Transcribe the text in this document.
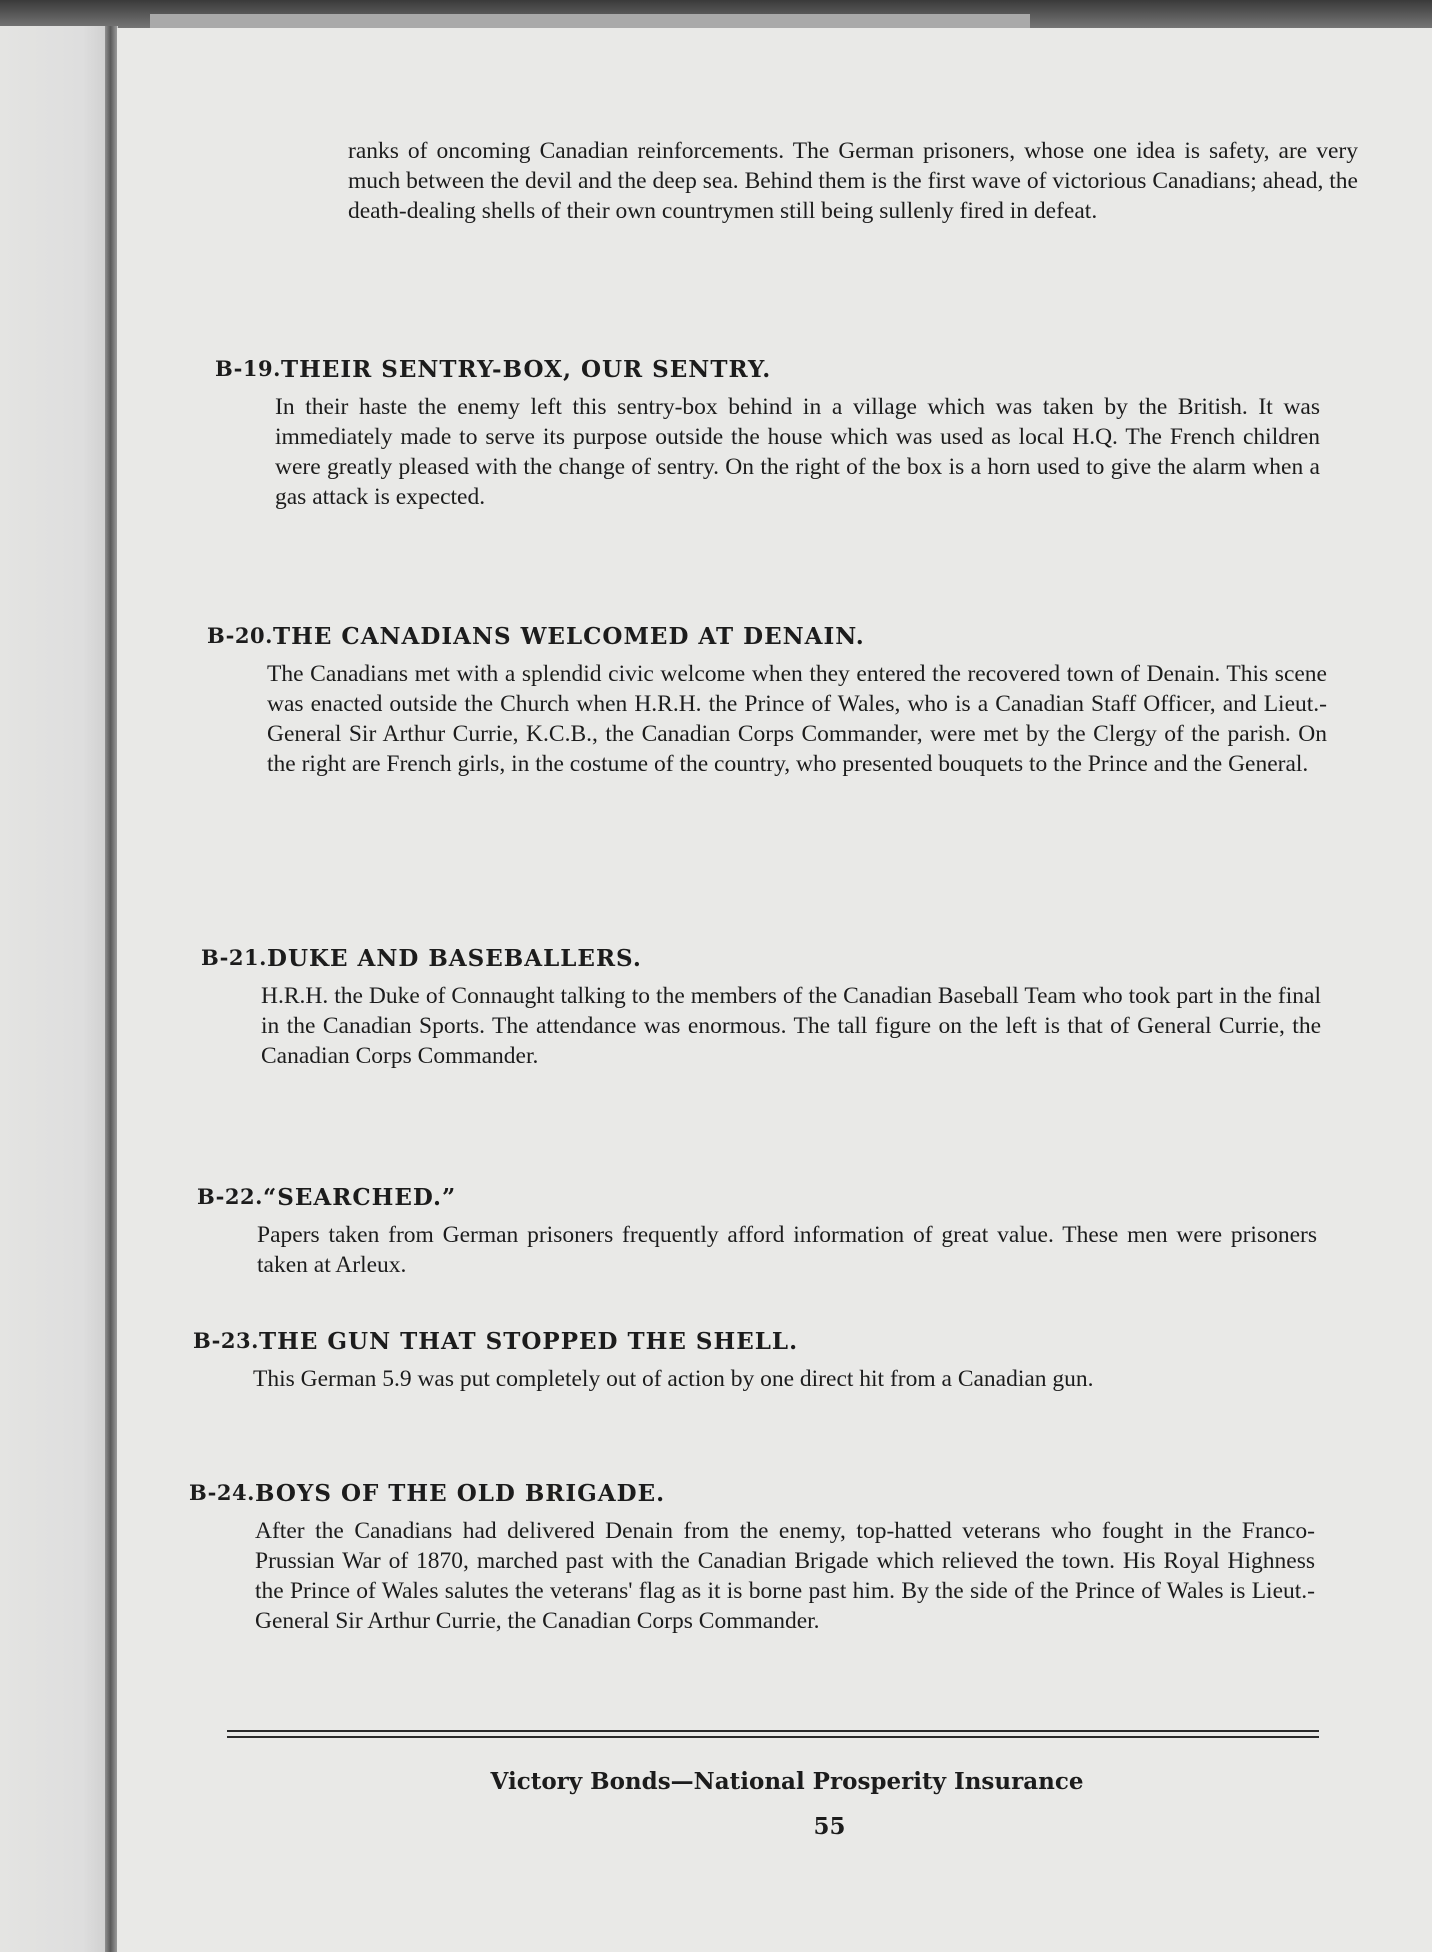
ranks of oncoming Canadian reinforcements. The German prisoners, whose one idea is safety, are very much between the devil and the deep sea. Behind them is the first wave of victorious Canadians; ahead, the death-dealing shells of their own countrymen still being sullenly fired in defeat.

B-19. THEIR SENTRY-BOX, OUR SENTRY.

In their haste the enemy left this sentry-box behind in a village which was taken by the British. It was immediately made to serve its purpose outside the house which was used as local H.Q. The French children were greatly pleased with the change of sentry. On the right of the box is a horn used to give the alarm when a gas attack is expected.

B-20. THE CANADIANS WELCOMED AT DENAIN.

The Canadians met with a splendid civic welcome when they entered the recovered town of Denain. This scene was enacted outside the Church when H.R.H. the Prince of Wales, who is a Canadian Staff Officer, and Lieut.-General Sir Arthur Currie, K.C.B., the Canadian Corps Commander, were met by the Clergy of the parish. On the right are French girls, in the costume of the country, who presented bouquets to the Prince and the General.

B-21. DUKE AND BASEBALLERS.

H.R.H. the Duke of Connaught talking to the members of the Canadian Baseball Team who took part in the final in the Canadian Sports. The attendance was enormous. The tall figure on the left is that of General Currie, the Canadian Corps Commander.

B-22. “SEARCHED.”

Papers taken from German prisoners frequently afford information of great value. These men were prisoners taken at Arleux.

B-23. THE GUN THAT STOPPED THE SHELL.

This German 5.9 was put completely out of action by one direct hit from a Canadian gun.

B-24. BOYS OF THE OLD BRIGADE.

After the Canadians had delivered Denain from the enemy, top-hatted veterans who fought in the Franco-Prussian War of 1870, marched past with the Canadian Brigade which relieved the town. His Royal Highness the Prince of Wales salutes the veterans' flag as it is borne past him. By the side of the Prince of Wales is Lieut.-General Sir Arthur Currie, the Canadian Corps Commander.

Victory Bonds—National Prosperity Insurance
55
